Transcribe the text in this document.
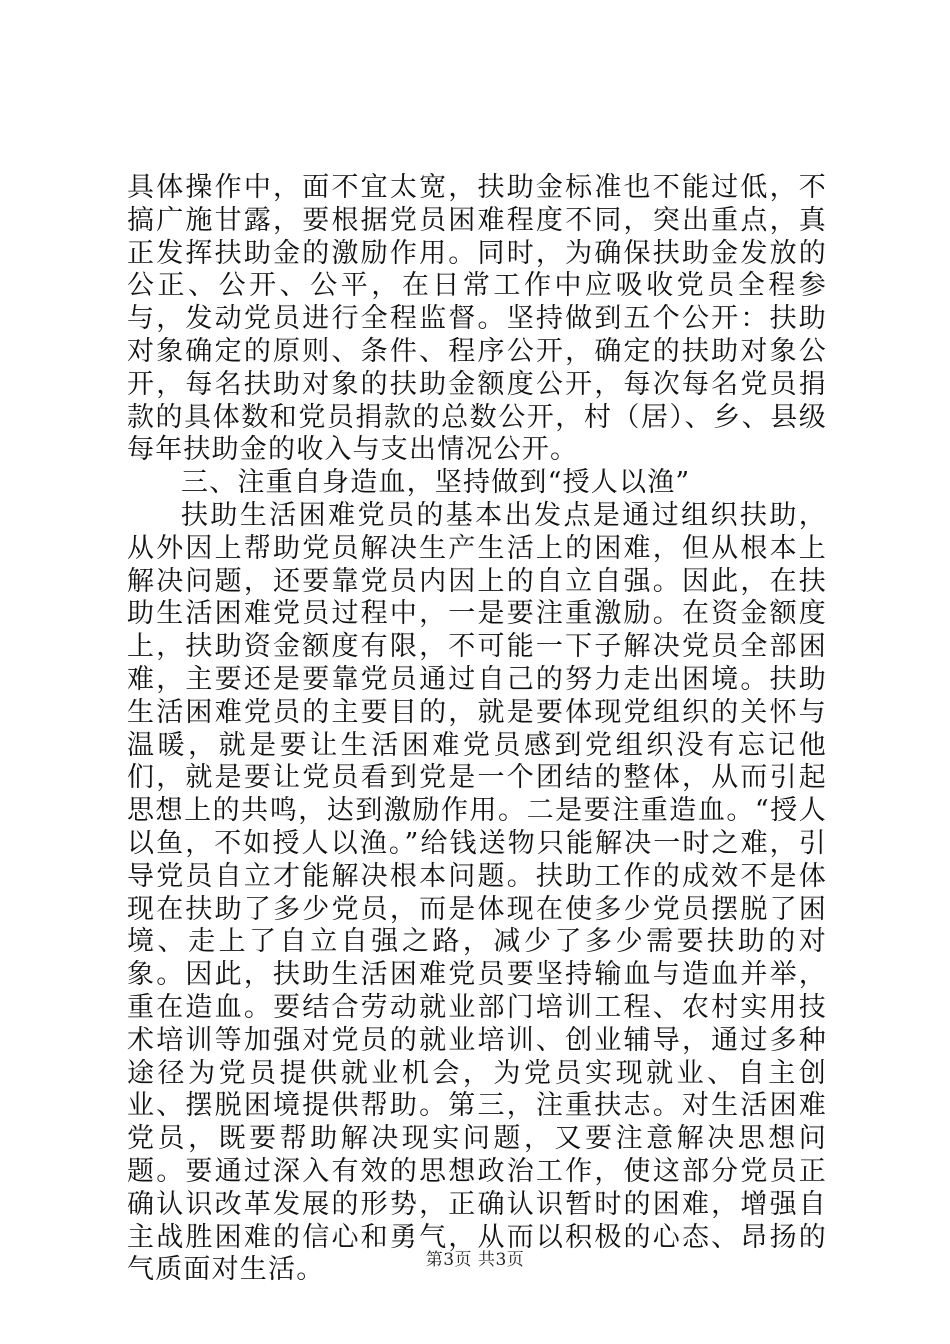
具体操作中，面不宜太宽，扶助金标准也不能过低，不搞广施甘露，要根据党员困难程度不同，突出重点，真正发挥扶助金的激励作用。同时，为确保扶助金发放的公正、公开、公平，在日常工作中应吸收党员全程参与，发动党员进行全程监督。坚持做到五个公开：扶助对象确定的原则、条件、程序公开，确定的扶助对象公开，每名扶助对象的扶助金额度公开，每次每名党员捐款的具体数和党员捐款的总数公开，村（居）、乡、县级每年扶助金的收入与支出情况公开。

三、注重自身造血，坚持做到“授人以渔”

扶助生活困难党员的基本出发点是通过组织扶助，从外因上帮助党员解决生产生活上的困难，但从根本上解决问题，还要靠党员内因上的自立自强。因此，在扶助生活困难党员过程中，一是要注重激励。在资金额度上，扶助资金额度有限，不可能一下子解决党员全部困难，主要还是要靠党员通过自己的努力走出困境。扶助生活困难党员的主要目的，就是要体现党组织的关怀与温暖，就是要让生活困难党员感到党组织没有忘记他们，就是要让党员看到党是一个团结的整体，从而引起思想上的共鸣，达到激励作用。二是要注重造血。“授人以鱼，不如授人以渔。”给钱送物只能解决一时之难，引导党员自立才能解决根本问题。扶助工作的成效不是体现在扶助了多少党员，而是体现在使多少党员摆脱了困境、走上了自立自强之路，减少了多少需要扶助的对象。因此，扶助生活困难党员要坚持输血与造血并举，重在造血。要结合劳动就业部门培训工程、农村实用技术培训等加强对党员的就业培训、创业辅导，通过多种途径为党员提供就业机会，为党员实现就业、自主创业、摆脱困境提供帮助。第三，注重扶志。对生活困难党员，既要帮助解决现实问题，又要注意解决思想问题。要通过深入有效的思想政治工作，使这部分党员正确认识改革发展的形势，正确认识暂时的困难，增强自主战胜困难的信心和勇气，从而以积极的心态、昂扬的气质面对生活。	第3页 共3页
